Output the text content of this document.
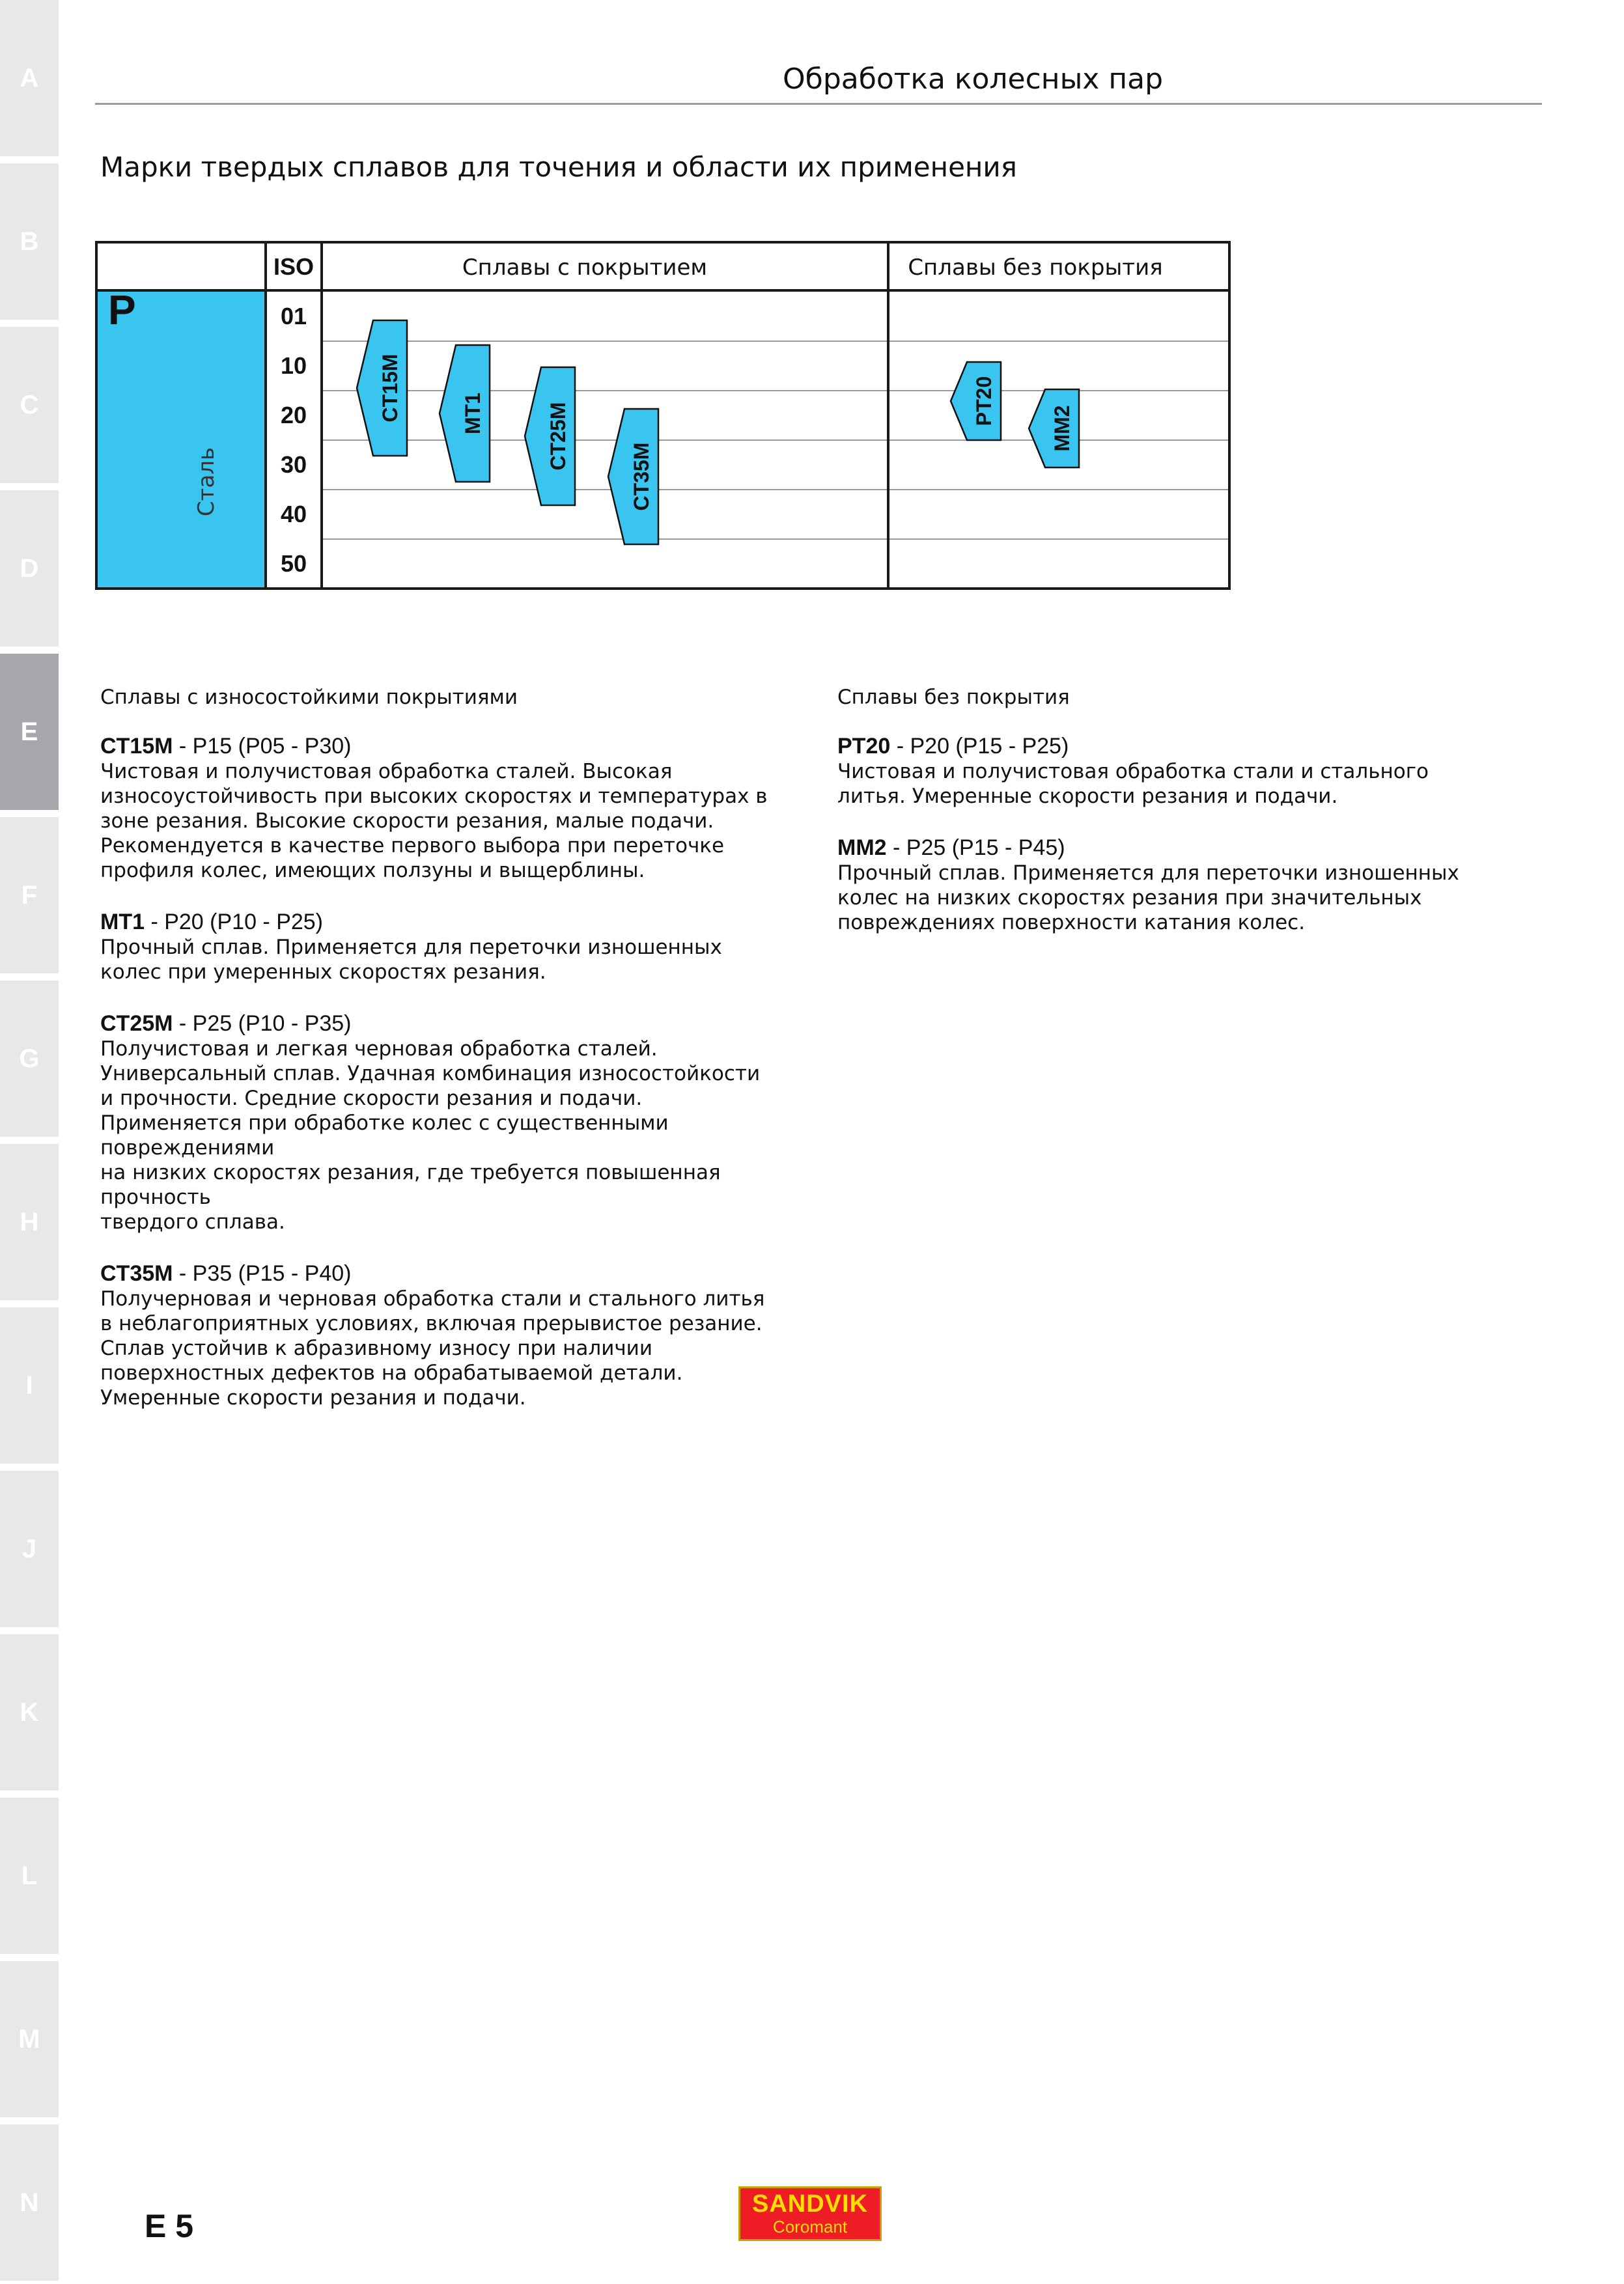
A
B
C
D
E
F
G
H
I
J
K
L
M
N
Обработка колесных пар
Марки твердых сплавов для точения и области их применения
ISO	Сплавы с покрытием	Сплавы без покрытия
P
Сталь
01
10
20
30
40
50
CT15M	MT1	CT25M
CT35M
PT20
MM2
Сплавы с износостойкими покрытиями
CT15M - P15 (P05 - P30)
Чистовая и получистовая обработка сталей. Высокая
износоустойчивость при высоких скоростях и температурах в
зоне резания. Высокие скорости резания, малые подачи.
Рекомендуется в качестве первого выбора при переточке
профиля колес, имеющих ползуны и выщерблины.
MT1 - P20 (P10 - P25)
Прочный сплав. Применяется для переточки изношенных
колес при умеренных скоростях резания.
CT25M - P25 (P10 - P35)
Получистовая и легкая черновая обработка сталей.
Универсальный сплав. Удачная комбинация износостойкости
и прочности. Средние скорости резания и подачи.
Применяется при обработке колес с существенными повреждениями
на низких скоростях резания, где требуется повышенная прочность
твердого сплава.
CT35M - P35 (P15 - P40)
Получерновая и черновая обработка стали и стального литья
в неблагоприятных условиях, включая прерывистое резание.
Сплав устойчив к абразивному износу при наличии
поверхностных дефектов на обрабатываемой детали.
Умеренные скорости резания и подачи.
Сплавы без покрытия
PT20 - P20 (P15 - P25)
Чистовая и получистовая обработка стали и стального
литья. Умеренные скорости резания и подачи.
MM2 - P25 (P15 - P45)
Прочный сплав. Применяется для переточки изношенных
колес на низких скоростях резания при значительных
повреждениях поверхности катания колес.
E 5
SANDVIK
Coromant
